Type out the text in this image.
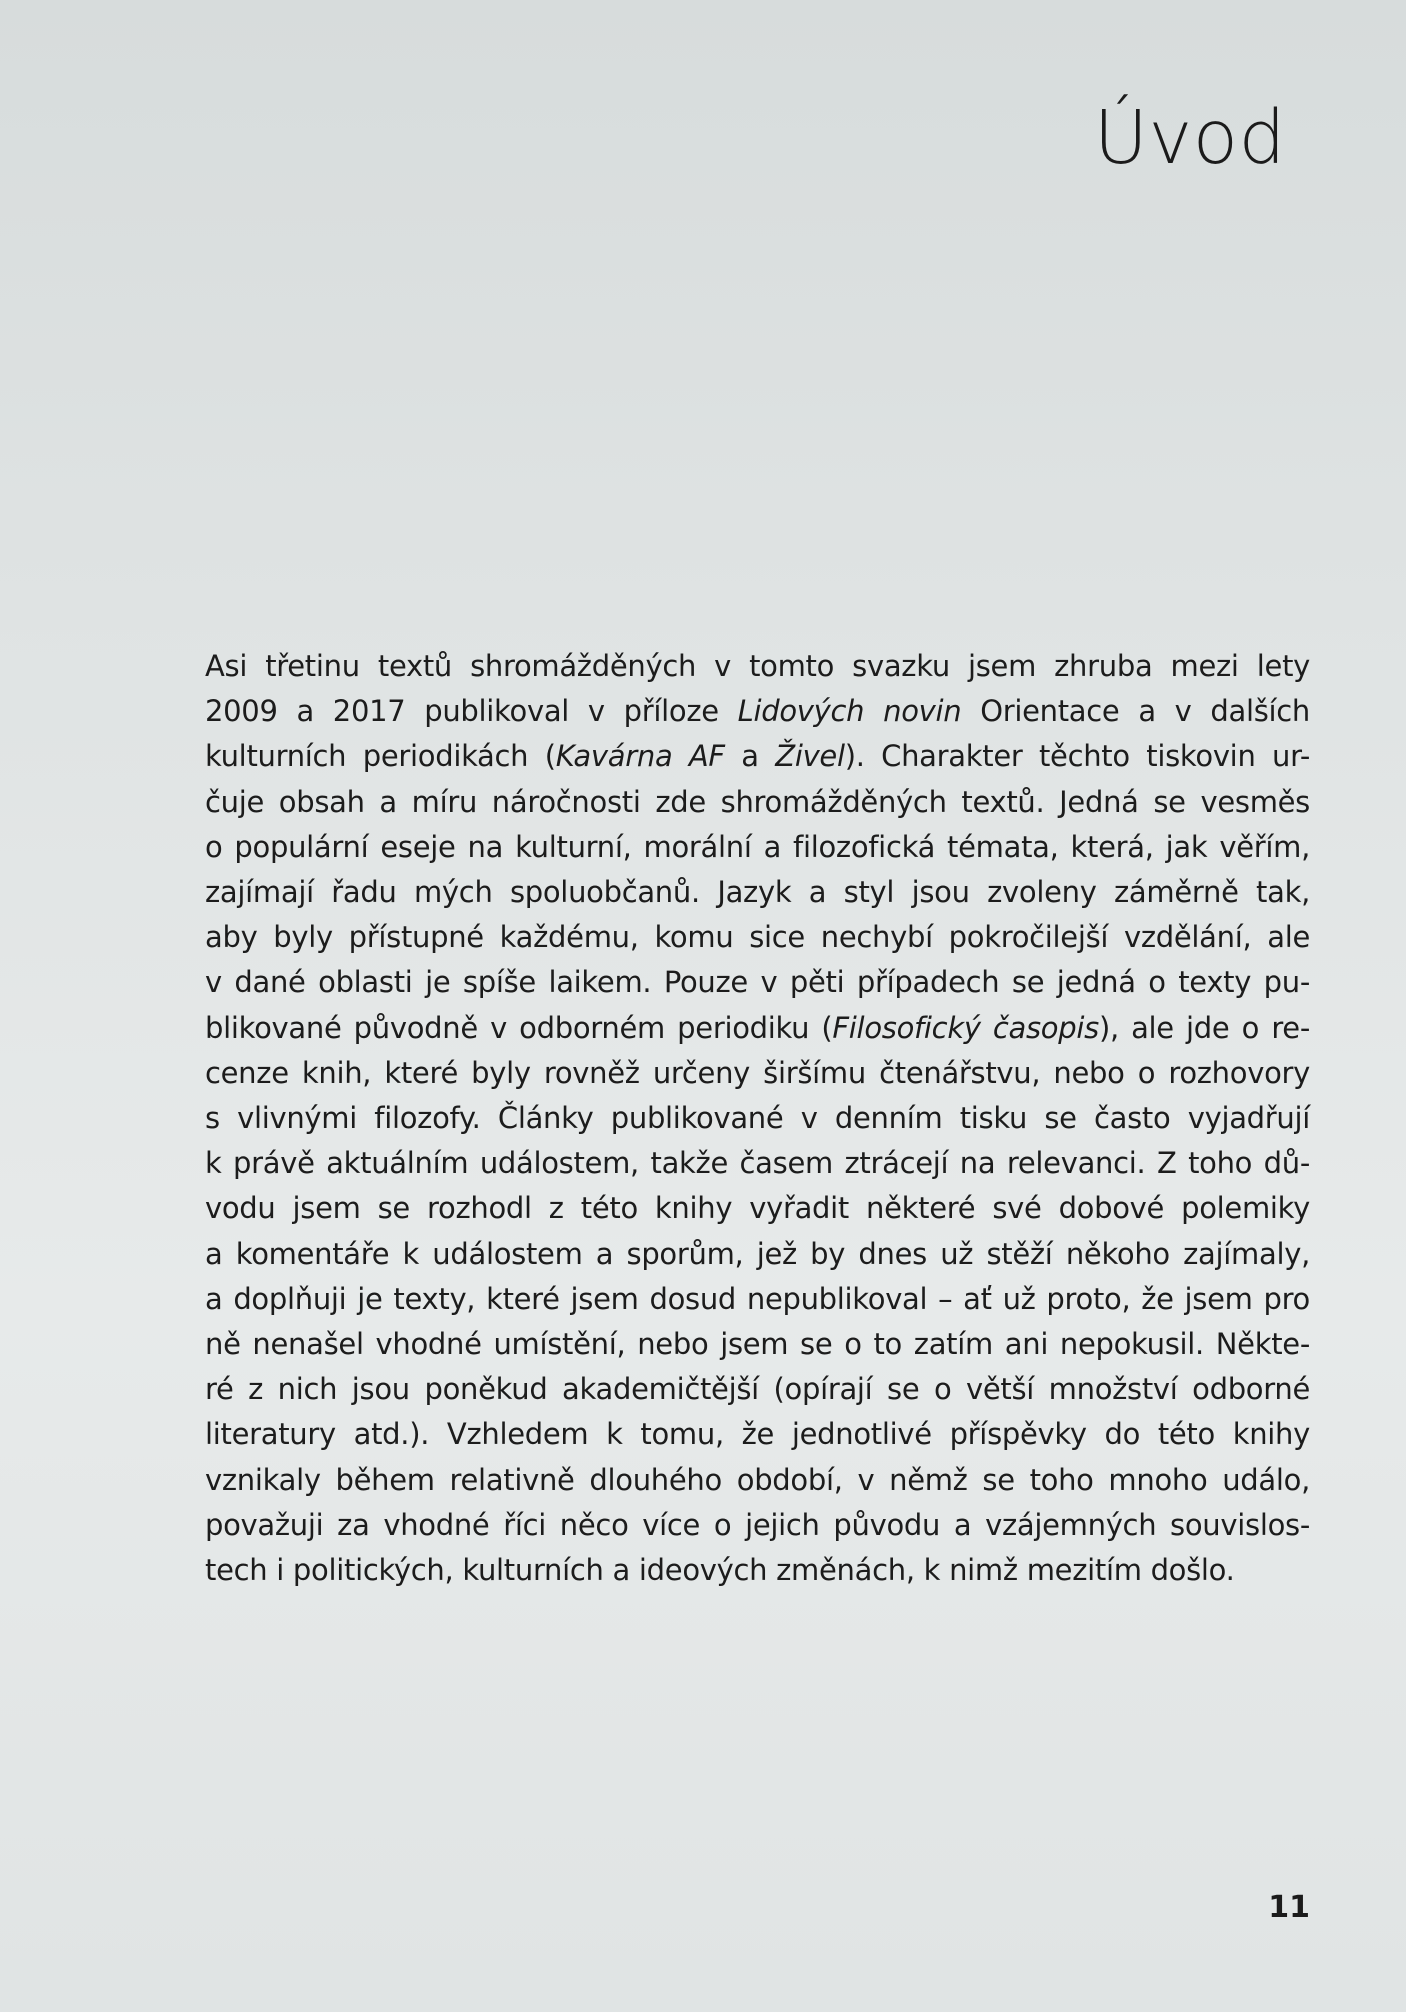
Úvod
Asi třetinu textů shromážděných v tomto svazku jsem zhruba mezi lety
2009 a 2017 publikoval v příloze Lidových novin Orientace a v dalších
kulturních periodikách (Kavárna AF a Živel). Charakter těchto tiskovin ur-
čuje obsah a míru náročnosti zde shromážděných textů. Jedná se vesměs
o populární eseje na kulturní, morální a filozofická témata, která, jak věřím,
zajímají řadu mých spoluobčanů. Jazyk a styl jsou zvoleny záměrně tak,
aby byly přístupné každému, komu sice nechybí pokročilejší vzdělání, ale
v dané oblasti je spíše laikem. Pouze v pěti případech se jedná o texty pu-
blikované původně v odborném periodiku (Filosofický časopis), ale jde o re-
cenze knih, které byly rovněž určeny širšímu čtenářstvu, nebo o rozhovory
s vlivnými filozofy. Články publikované v denním tisku se často vyjadřují
k právě aktuálním událostem, takže časem ztrácejí na relevanci. Z toho dů-
vodu jsem se rozhodl z této knihy vyřadit některé své dobové polemiky
a komentáře k událostem a sporům, jež by dnes už stěží někoho zajímaly,
a doplňuji je texty, které jsem dosud nepublikoval – ať už proto, že jsem pro
ně nenašel vhodné umístění, nebo jsem se o to zatím ani nepokusil. Někte-
ré z nich jsou poněkud akademičtější (opírají se o větší množství odborné
literatury atd.). Vzhledem k tomu, že jednotlivé příspěvky do této knihy
vznikaly během relativně dlouhého období, v němž se toho mnoho událo,
považuji za vhodné říci něco více o jejich původu a vzájemných souvislos-
tech i politických, kulturních a ideových změnách, k nimž mezitím došlo.
11
